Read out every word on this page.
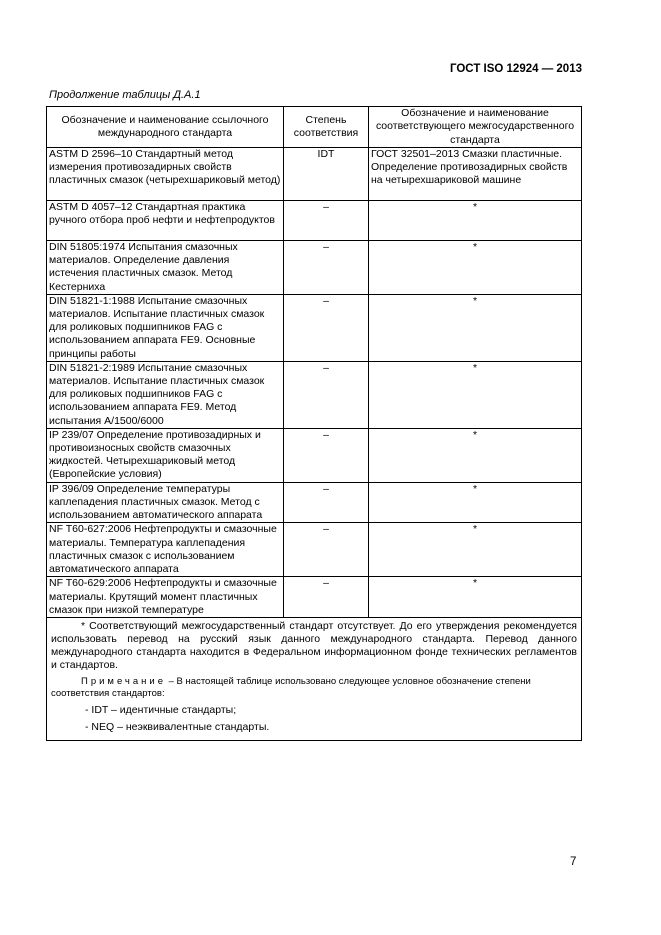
ГОСТ ISO 12924 — 2013
Продолжение таблицы Д.А.1
Обозначение и наименование ссылочного международного стандарта	Степень соответствия	Обозначение и наименование соответствующего межгосударственного стандарта
ASTM D 2596–10 Стандартный метод измерения противозадирных свойств пластичных смазок (четырехшариковый метод)	IDT	ГОСТ 32501–2013 Смазки пластичные. Определение противозадирных свойств на четырехшариковой машине
ASTM D 4057–12 Стандартная практика ручного отбора проб нефти и нефтепродуктов	–	*
DIN 51805:1974 Испытания смазочных материалов. Определение давления истечения пластичных смазок. Метод Кестерниха	–	*
DIN 51821-1:1988 Испытание смазочных материалов. Испытание пластичных смазок для роликовых подшипников FAG с использованием аппарата FE9. Основные принципы работы	–	*
DIN 51821-2:1989 Испытание смазочных материалов. Испытание пластичных смазок для роликовых подшипников FAG с использованием аппарата FE9. Метод испытания A/1500/6000	–	*
IP 239/07 Определение противозадирных и противоизносных свойств смазочных жидкостей. Четырехшариковый метод (Европейские условия)	–	*
IP 396/09 Определение температуры каплепадения пластичных смазок. Метод с использованием автоматического аппарата	–	*
NF T60-627:2006 Нефтепродукты и смазочные материалы. Температура каплепадения пластичных смазок с использованием автоматического аппарата	–	*
NF T60-629:2006 Нефтепродукты и смазочные материалы. Крутящий момент пластичных смазок при низкой температуре	–	*

* Соответствующий межгосударственный стандарт отсутствует. До его утверждения рекомендуется использовать перевод на русский язык данного международного стандарта. Перевод данного международного стандарта находится в Федеральном информационном фонде технических регламентов и стандартов.

Примечание – В настоящей таблице использовано следующее условное обозначение степени соответствия стандартов:

- IDT – идентичные стандарты;
- NEQ – неэквивалентные стандарты.		
7
